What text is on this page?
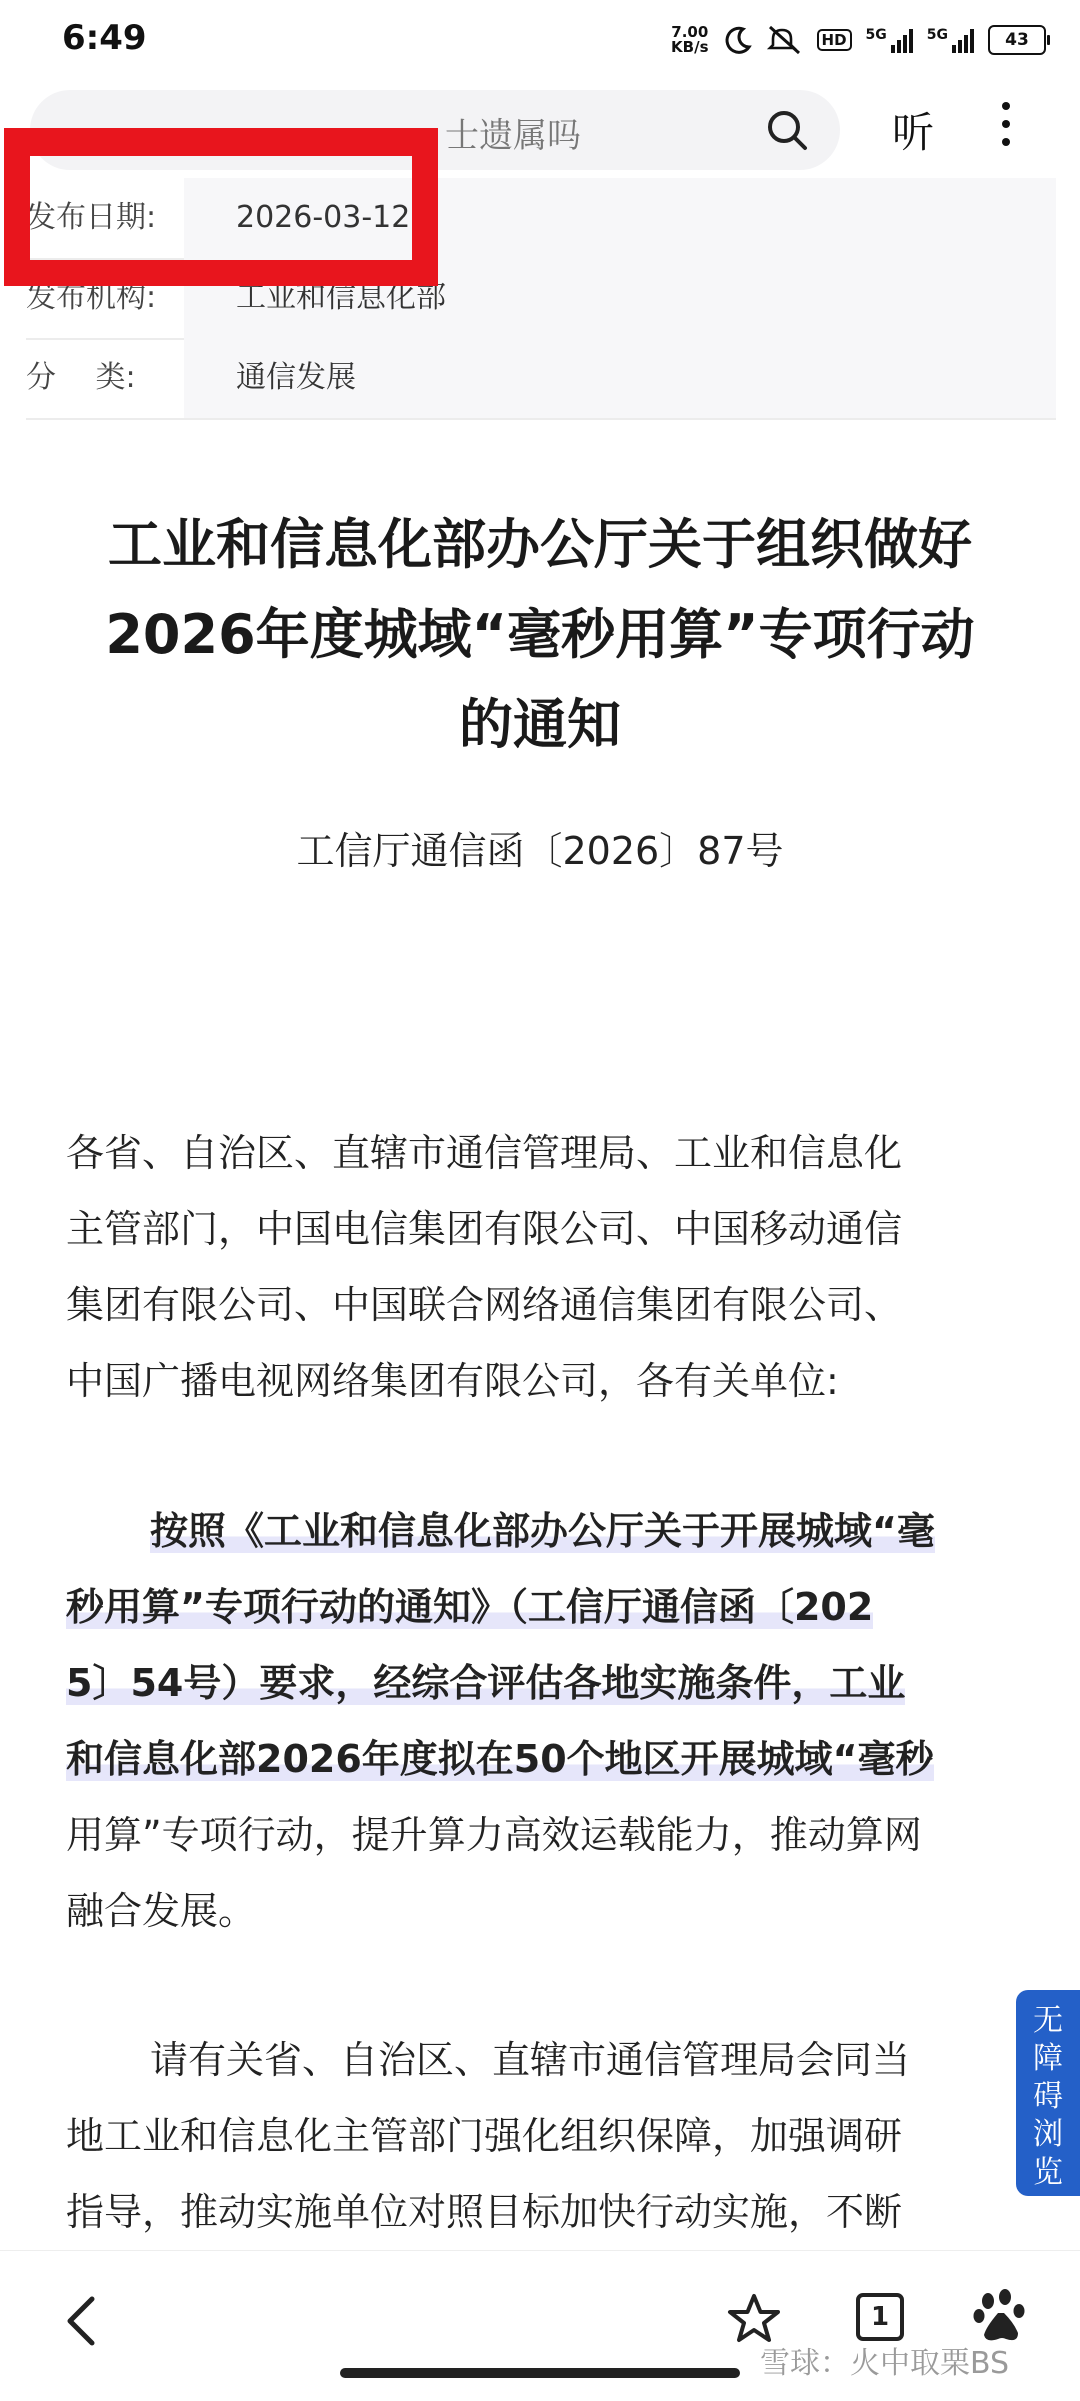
6:49	7.00
KB/s	HD	5G	5G	43
士遗属吗	听
发布日期:	2026-03-12
发布机构:	工业和信息化部
分　 类:	通信发展
工业和信息化部办公厅关于组织做好
2026年度城域“毫秒用算”专项行动
的通知
工信厅通信函〔2026〕87号
各省、自治区、直辖市通信管理局、工业和信息化
主管部门，中国电信集团有限公司、中国移动通信
集团有限公司、中国联合网络通信集团有限公司、
中国广播电视网络集团有限公司，各有关单位:
按照《工业和信息化部办公厅关于开展城域“毫
秒用算”专项行动的通知》（工信厅通信函〔202
5〕54号）要求，经综合评估各地实施条件，工业
和信息化部2026年度拟在50个地区开展城域“毫秒
用算”专项行动，提升算力高效运载能力，推动算网
融合发展。
请有关省、自治区、直辖市通信管理局会同当
地工业和信息化主管部门强化组织保障，加强调研
指导，推动实施单位对照目标加快行动实施，不断
无
障
碍
浏
览
1
雪球：火中取栗BS
